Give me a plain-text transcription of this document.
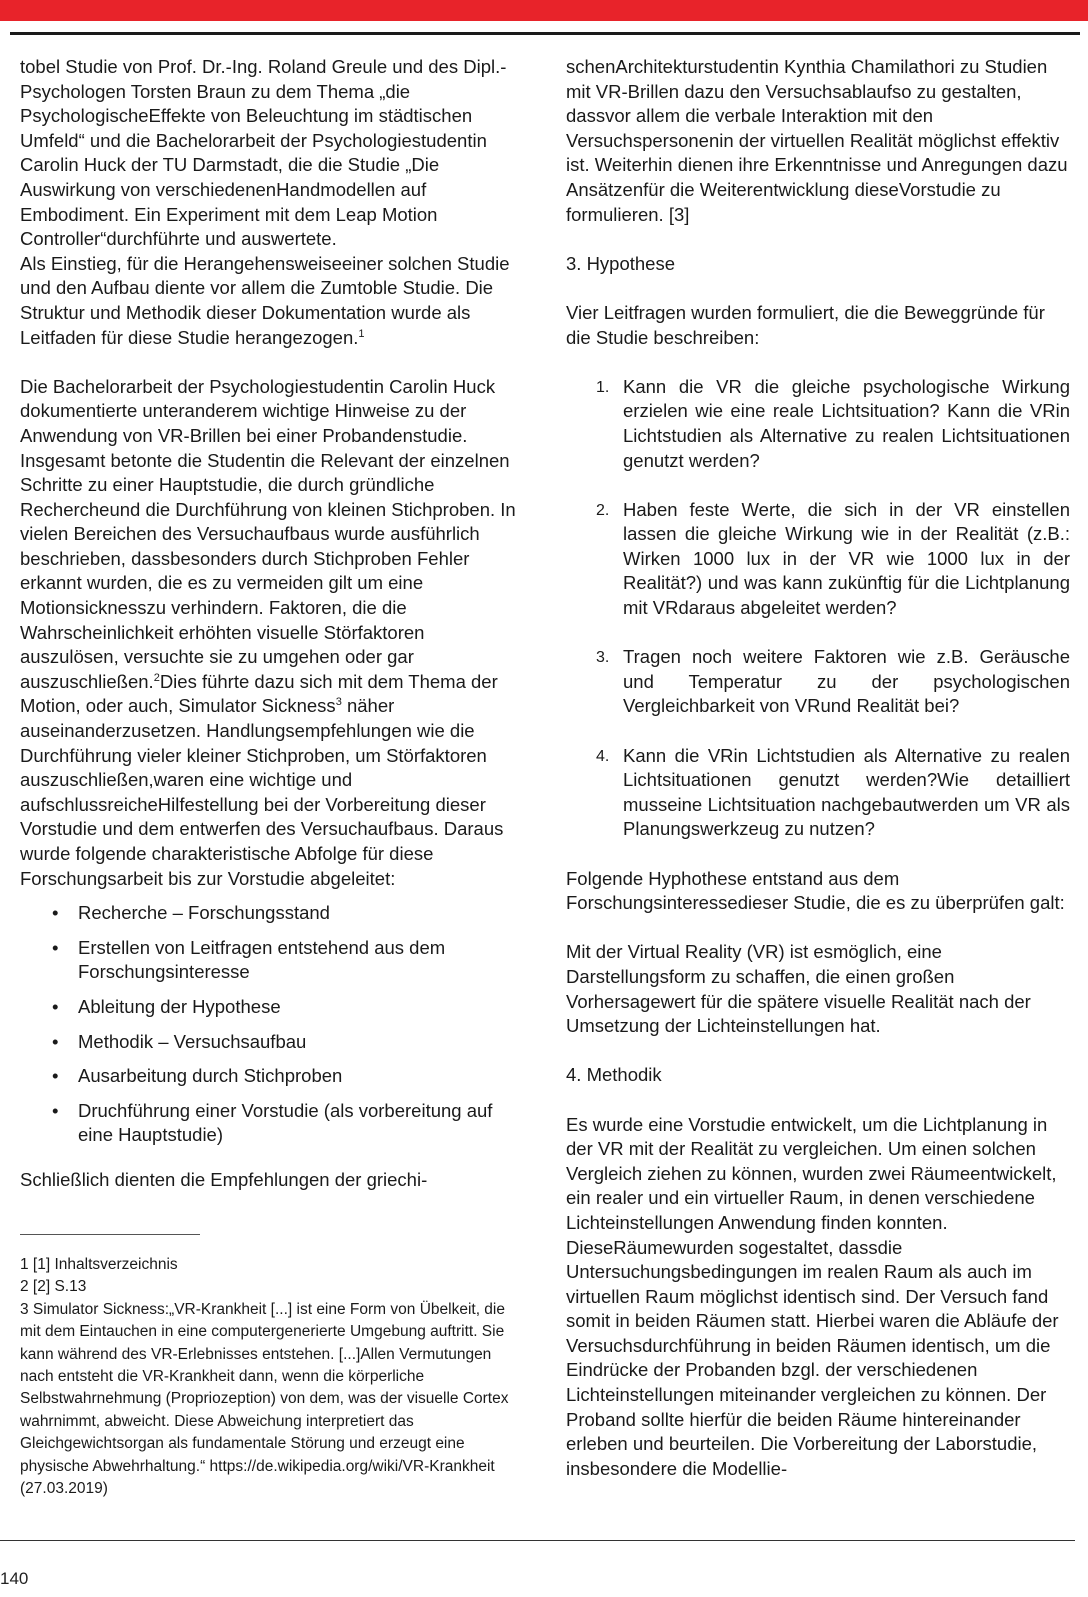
tobel Studie von Prof. Dr.-Ing. Roland Greule und des Dipl.-Psychologen Torsten Braun zu dem Thema „die PsychologischeEffekte von Beleuchtung im städtischen Umfeld“ und die Bachelorarbeit der Psychologiestudentin Carolin Huck der TU Darmstadt, die die Studie „Die Auswirkung von verschiedenenHandmodellen auf Embodiment. Ein Experiment mit dem Leap Motion Controller“durchführte und auswertete.

Als Einstieg, für die Herangehensweiseeiner solchen Studie und den Aufbau diente vor allem die Zumtoble Studie. Die Struktur und Methodik dieser Dokumentation wurde als Leitfaden für diese Studie herangezogen.$^1$

Die Bachelorarbeit der Psychologiestudentin Carolin Huck dokumentierte unteranderem wichtige Hinweise zu der Anwendung von VR-Brillen bei einer Probandenstudie. Insgesamt betonte die Studentin die Relevant der einzelnen Schritte zu einer Hauptstudie, die durch gründliche Rechercheund die Durchführung von kleinen Stichproben. In vielen Bereichen des Versuchaufbaus wurde ausführlich beschrieben, dassbesonders durch Stichproben Fehler erkannt wurden, die es zu vermeiden gilt um eine Motionsicknesszu verhindern. Faktoren, die die Wahrscheinlichkeit erhöhten visuelle Störfaktoren auszulösen, versuchte sie zu umgehen oder gar auszuschließen.$^2$Dies führte dazu sich mit dem Thema der Motion, oder auch, Simulator Sickness$^3$ näher auseinanderzusetzen. Handlungsempfehlungen wie die Durchführung vieler kleiner Stichproben, um Störfaktoren auszuschließen,waren eine wichtige und aufschlussreicheHilfestellung bei der Vorbereitung dieser Vorstudie und dem entwerfen des Versuchaufbaus. Daraus wurde folgende charakteristische Abfolge für diese Forschungsarbeit bis zur Vorstudie abgeleitet:

• Recherche – Forschungsstand
• Erstellen von Leitfragen entstehend aus dem Forschungsinteresse
• Ableitung der Hypothese
• Methodik – Versuchsaufbau
• Ausarbeitung durch Stichproben
• Druchführung einer Vorstudie (als vorbereitung auf eine Hauptstudie)

Schließlich dienten die Empfehlungen der griechi-

1 [1] Inhaltsverzeichnis

2 [2] S.13

3 Simulator Sickness:„VR-Krankheit [...] ist eine Form von Übelkeit, die mit dem Eintauchen in eine computergenerierte Umgebung auftritt. Sie kann während des VR-Erlebnisses entstehen. [...]Allen Vermutungen nach entsteht die VR-Krankheit dann, wenn die körperliche Selbstwahrnehmung (Propriozeption) von dem, was der visuelle Cortex wahrnimmt, abweicht. Diese Abweichung interpretiert das Gleichgewichtsorgan als fundamentale Störung und erzeugt eine physische Abwehrhaltung.“ https://de.wikipedia.org/wiki/VR-Krankheit (27.03.2019)

schenArchitekturstudentin Kynthia Chamilathori zu Studien mit VR-Brillen dazu den Versuchsablaufso zu gestalten, dassvor allem die verbale Interaktion mit den Versuchspersonenin der virtuellen Realität möglichst effektiv ist. Weiterhin dienen ihre Erkenntnisse und Anregungen dazu Ansätzenfür die Weiterentwicklung dieseVorstudie zu formulieren. [3]

3. Hypothese

Vier Leitfragen wurden formuliert, die die Beweggründe für die Studie beschreiben:

1. Kann die VR die gleiche psychologische Wirkung erzielen wie eine reale Lichtsituation? Kann die VRin Lichtstudien als Alternative zu realen Lichtsituationen genutzt werden?
2. Haben feste Werte, die sich in der VR einstellen lassen die gleiche Wirkung wie in der Realität (z.B.: Wirken 1000 lux in der VR wie 1000 lux in der Realität?) und was kann zukünftig für die Lichtplanung mit VRdaraus abgeleitet werden?
3. Tragen noch weitere Faktoren wie z.B. Geräusche und Temperatur zu der psychologischen Vergleichbarkeit von VRund Realität bei?
4. Kann die VRin Lichtstudien als Alternative zu realen Lichtsituationen genutzt werden?Wie detailliert musseine Lichtsituation nachgebautwerden um VR als Planungswerkzeug zu nutzen?

Folgende Hyphothese entstand aus dem Forschungsinteressedieser Studie, die es zu überprüfen galt:

Mit der Virtual Reality (VR) ist esmöglich, eine Darstellungsform zu schaffen, die einen großen Vorhersagewert für die spätere visuelle Realität nach der Umsetzung der Lichteinstellungen hat.

4. Methodik

Es wurde eine Vorstudie entwickelt, um die Lichtplanung in der VR mit der Realität zu vergleichen. Um einen solchen Vergleich ziehen zu können, wurden zwei Räumeentwickelt, ein realer und ein virtueller Raum, in denen verschiedene Lichteinstellungen Anwendung finden konnten. DieseRäumewurden sogestaltet, dassdie Untersuchungsbedingungen im realen Raum als auch im virtuellen Raum möglichst identisch sind. Der Versuch fand somit in beiden Räumen statt. Hierbei waren die Abläufe der Versuchsdurchführung in beiden Räumen identisch, um die Eindrücke der Probanden bzgl. der verschiedenen Lichteinstellungen miteinander vergleichen zu können. Der Proband sollte hierfür die beiden Räume hintereinander erleben und beurteilen. Die Vorbereitung der Laborstudie, insbesondere die Modellie-

140
